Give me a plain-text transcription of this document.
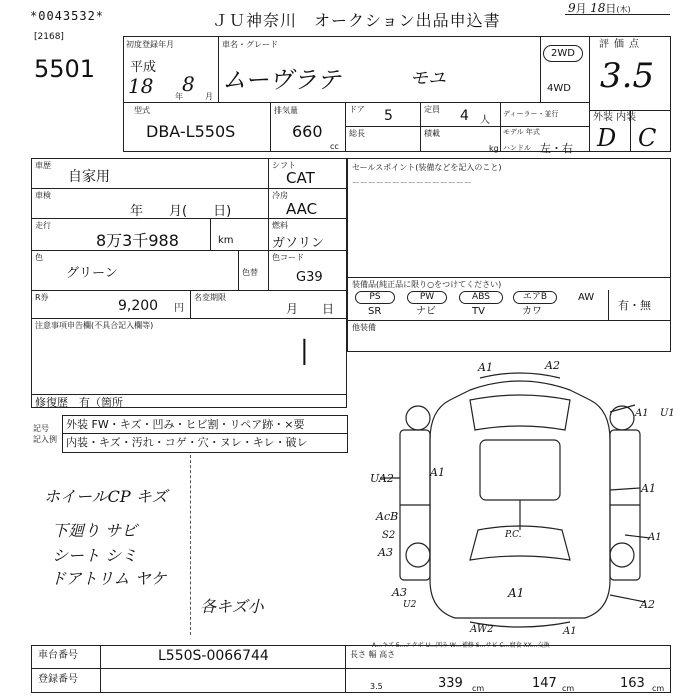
*0043532*	ＪＵ神奈川　オークション出品申込書
9月 18日(木)
[2168]
5501
初度登録年月
平成
18	年
8
月
車名・グレード
ムーヴラテ	モユ
2WD
4WD
評価点
3.5
外装 内装
D C
型式
DBA-L550S
排気量
660
cc
ドア 5	定員 4 人
ディーラー・並行
総長	積載
kg
モデル 年式
ハンドル 左・右
車歴
自家用
車検
年　　月(　　日)
走行
8万3千988	km
色
グリーン	色替
R券
9,200 円
名変期限
月　　日
シフト
CAT
冷房
AAC
燃料
ガソリン
色コード
G39
注意事項申告欄(不具合記入欄等)
|
修復歴　有（箇所
セールスポイント(装備などを記入のこと)
ーーーーーーーーーーーーーーー
装備品(純正品に限り○をつけてください)
PS	PW	ABS	エアB	AW
SR	ナビ	TV	カワ	有・無
他装備
記号
記入例
外装 FW・キズ・凹み・ヒビ割・リペア跡・×要
内装・キズ・汚れ・コゲ・穴・ヌレ・キレ・破レ
ホイールCP キズ
下廻り サビ
シート シミ
ドアトリム ヤケ
各キズ小
A1	A2
A1 U1
UA2	A1
A1
AcB
S2
A3
A1
A3
A2
A1
U2
AW2	A1
P.C.
A…キズ E…エクボ U…凹み W…補修 S…サビ C…腐食 XX…交換
車台番号	L550S-0066744
登録番号
長さ 幅 高さ
3.5	339 cm	147 cm	163 cm
